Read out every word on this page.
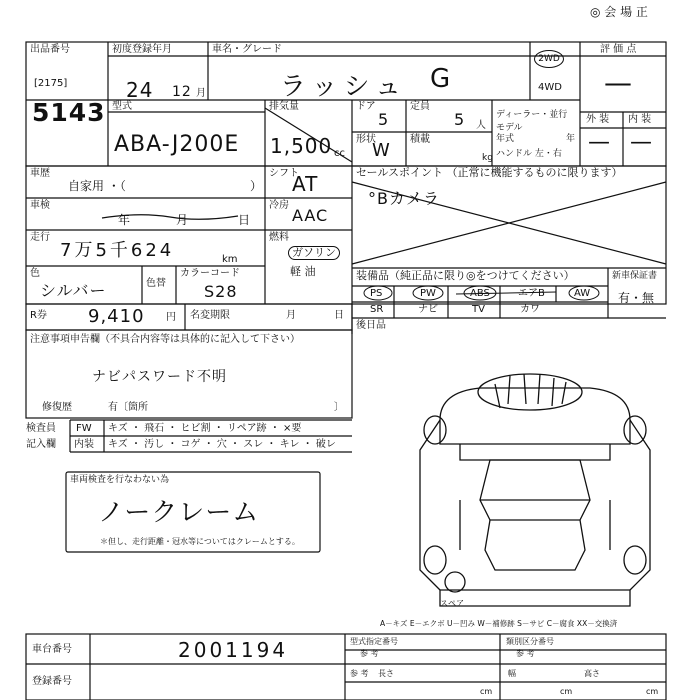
◎ 会 場 正
出品番号
[2175]
5143
初度登録年月
24 12 月
車名・グレード
ラッシュ G
2WD
4WD
評 価 点
—
型式
ABA-J200E
排気量
1,500 cc
ドア
5
定員
5 人
形状
W
積載
kg
ディーラー・並行
モデル
年式	年
ハンドル 左・右
外 装 内 装
— —
車歴
自家用 ・（	）
車検
年	月	日
走行
7万5千624	km
シフト
AT
冷房
AAC
燃料
ガソリン
軽 油
セールスポイント （正常に機能するものに限ります）
°Bカメラ
色
シルバー	色替
カラーコード
S28
装備品（純正品に限り◎をつけてください）
PS	PW	ABS	エアB	AW
SR	ナビ	TV	カワ
新車保証書
有・無
R券 9,410 円 名変期限	月	日
後日品
注意事項申告欄（不具合内容等は具体的に記入して下さい）
ナビパスワード不明
修復歴	有〔箇所	〕
検査員
記入欄
FW キズ ・ 飛石 ・ ヒビ割 ・ リペア跡 ・ ×要
内装 キズ ・ 汚し ・ コゲ ・ 穴 ・ スレ ・ キレ ・ 破レ
車両検査を行なわない為
ノークレーム
＊但し、走行距離・冠水等についてはクレームとする。
スペア
A－キズ E－エクボ U－凹み W－補修跡 S－サビ C－腐食 XX－交換済
車台番号	2001194
登録番号
型式指定番号
参 考
類別区分番号
参 考
参 考 長さ
cm
幅
cm
高さ
cm
